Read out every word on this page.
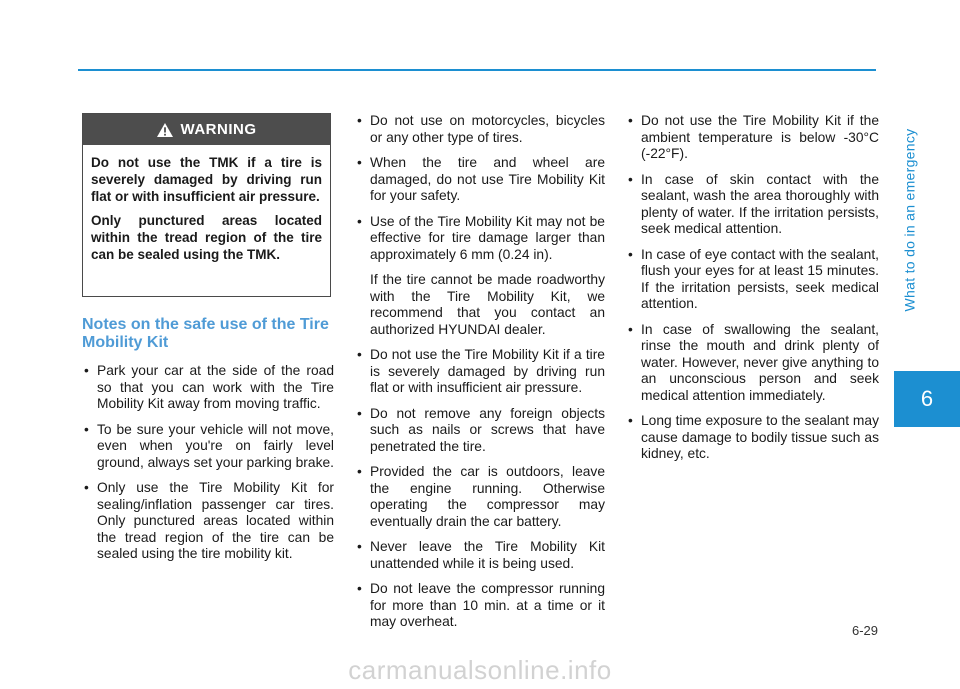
What to do in an emergency
6
WARNING

Do not use the TMK if a tire is severely damaged by driving run flat or with insufficient air pressure.

Only punctured areas located within the tread region of the tire can be sealed using the TMK.

Notes on the safe use of the Tire Mobility Kit
• Park your car at the side of the road so that you can work with the Tire Mobility Kit away from moving traffic.
• To be sure your vehicle will not move, even when you're on fairly level ground, always set your parking brake.
• Only use the Tire Mobility Kit for sealing/inflation passenger car tires. Only punctured areas located within the tread region of the tire can be sealed using the tire mobility kit.
• Do not use on motorcycles, bicycles or any other type of tires.
• When the tire and wheel are damaged, do not use Tire Mobility Kit for your safety.

• Use of the Tire Mobility Kit may not be effective for tire damage larger than approximately 6 mm (0.24 in).

If the tire cannot be made roadworthy with the Tire Mobility Kit, we recommend that you contact an authorized HYUNDAI dealer.

• Do not use the Tire Mobility Kit if a tire is severely damaged by driving run flat or with insufficient air pressure.
• Do not remove any foreign objects such as nails or screws that have penetrated the tire.
• Provided the car is outdoors, leave the engine running. Otherwise operating the compressor may eventually drain the car battery.
• Never leave the Tire Mobility Kit unattended while it is being used.
• Do not leave the compressor running for more than 10 min. at a time or it may overheat.
• Do not use the Tire Mobility Kit if the ambient temperature is below -30°C (-22°F).
• In case of skin contact with the sealant, wash the area thoroughly with plenty of water. If the irritation persists, seek medical attention.
• In case of eye contact with the sealant, flush your eyes for at least 15 minutes. If the irritation persists, seek medical attention.
• In case of swallowing the sealant, rinse the mouth and drink plenty of water. However, never give anything to an unconscious person and seek medical attention immediately.
• Long time exposure to the sealant may cause damage to bodily tissue such as kidney, etc.
6-29
carmanualsonline.info
